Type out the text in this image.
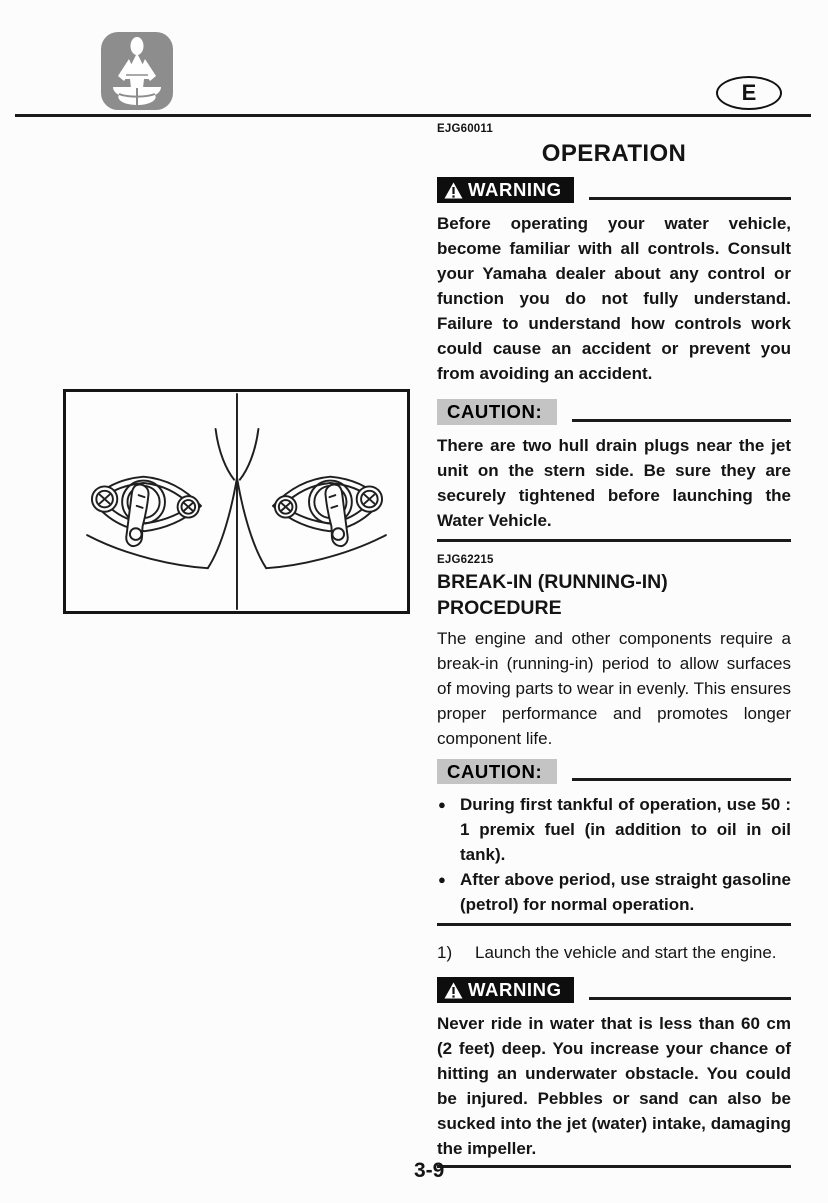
E
EJG60011
OPERATION
WARNING
Before operating your water vehicle, become familiar with all controls. Consult your Yamaha dealer about any control or function you do not fully understand. Failure to understand how controls work could cause an accident or prevent you from avoiding an accident.
CAUTION:
There are two hull drain plugs near the jet unit on the stern side. Be sure they are securely tightened before launching the Water Vehicle.
EJG62215
BREAK-IN (RUNNING-IN)
PROCEDURE
The engine and other components require a break-in (running-in) period to allow surfaces of moving parts to wear in evenly. This ensures proper performance and promotes longer component life.
CAUTION:
● During first tankful of operation, use 50 : 1 premix fuel (in addition to oil in oil tank).
● After above period, use straight gasoline (petrol) for normal operation.
1) Launch the vehicle and start the engine.
WARNING
Never ride in water that is less than 60 cm (2 feet) deep. You increase your chance of hitting an underwater obstacle. You could be injured. Pebbles or sand can also be sucked into the jet (water) intake, damaging the impeller.
3-9
